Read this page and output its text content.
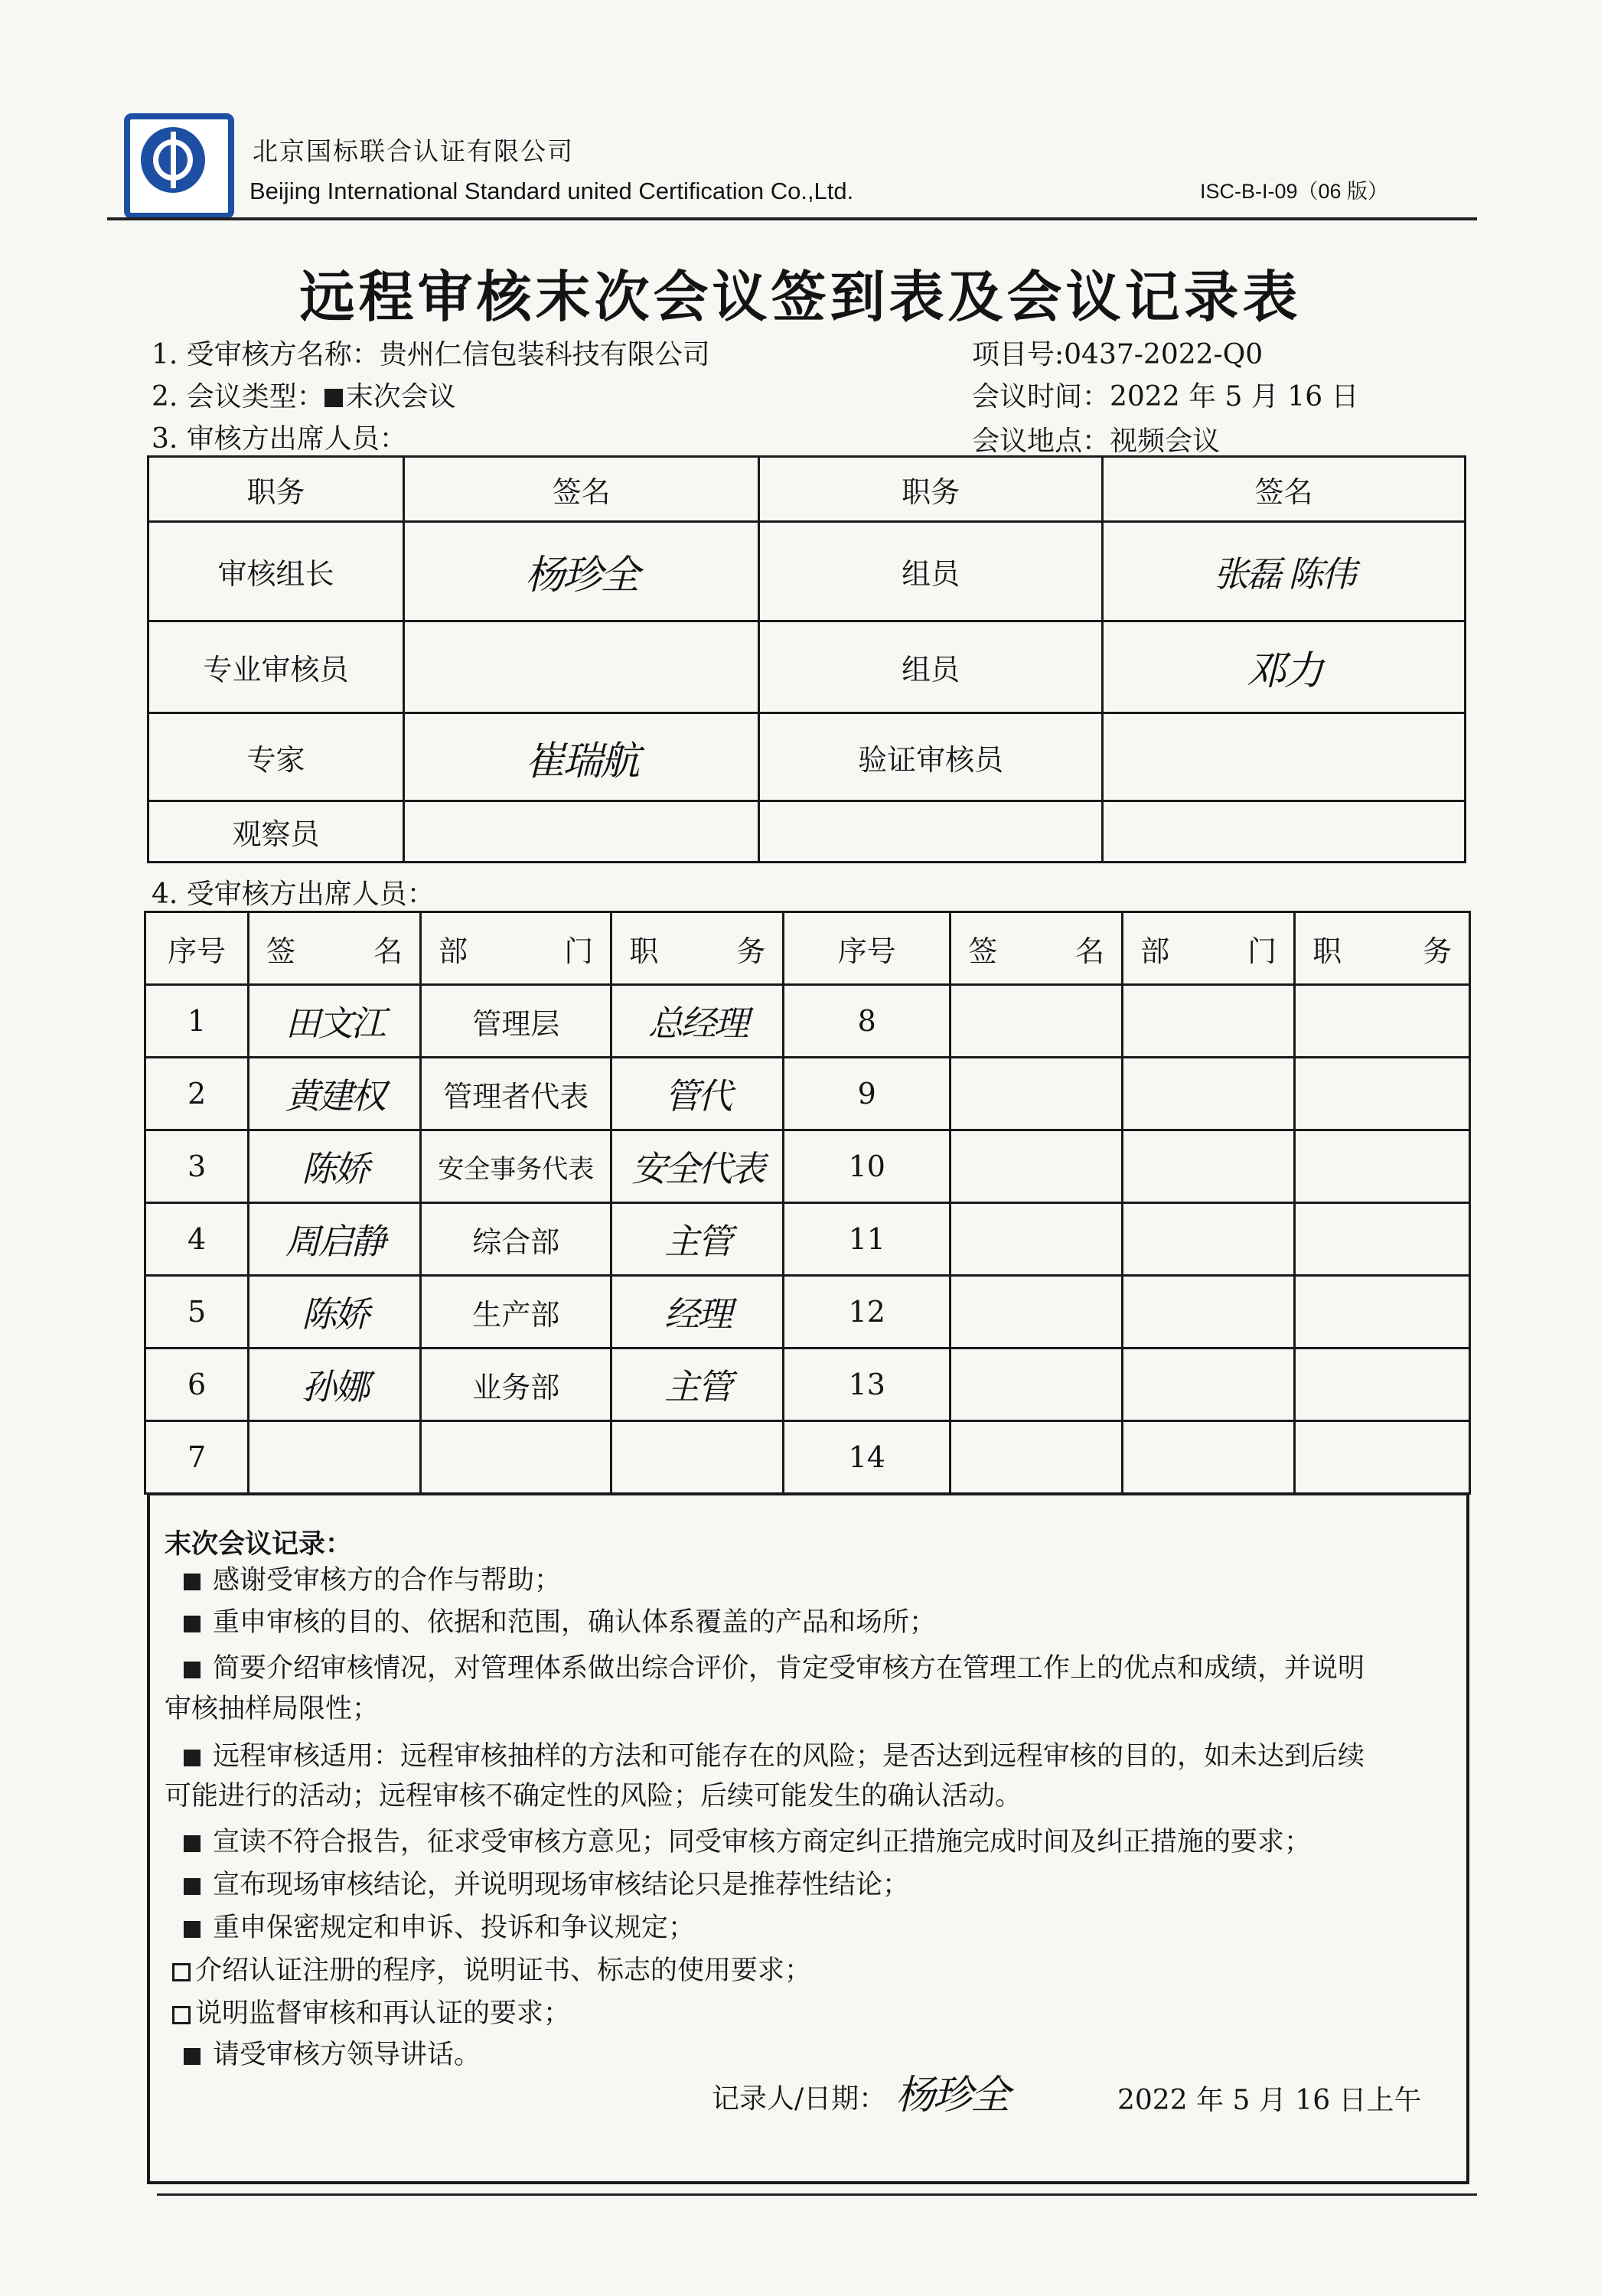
北京国标联合认证有限公司
Beijing International Standard united Certification Co.,Ltd.	ISC-B-I-09（06 版）
远程审核末次会议签到表及会议记录表
1. 受审核方名称：贵州仁信包装科技有限公司	项目号:0437-2022-Q0
2. 会议类型： 末次会议	会议时间：2022 年 5 月 16 日
3. 审核方出席人员：	会议地点：视频会议
职务	签名	职务	签名
审核组长	杨珍全	组员	张磊 陈伟
专业审核员		组员	邓力
专家	崔瑞航	验证审核员	
观察员			
4. 受审核方出席人员：
序号	签 名	部 门	职 务	序号	签 名	部 门	职 务

1	田文江	管理层	总经理	8			
2	黄建权	管理者代表	管代	9			
3	陈娇	安全事务代表	安全代表	10			
4	周启静	综合部	主管	11			
5	陈娇	生产部	经理	12			
6	孙娜	业务部	主管	13			
7				14			
末次会议记录：
感谢受审核方的合作与帮助；
重申审核的目的、依据和范围，确认体系覆盖的产品和场所；
简要介绍审核情况，对管理体系做出综合评价，肯定受审核方在管理工作上的优点和成绩，并说明
审核抽样局限性；
远程审核适用：远程审核抽样的方法和可能存在的风险；是否达到远程审核的目的，如未达到后续
可能进行的活动；远程审核不确定性的风险；后续可能发生的确认活动。
宣读不符合报告，征求受审核方意见；同受审核方商定纠正措施完成时间及纠正措施的要求；
宣布现场审核结论，并说明现场审核结论只是推荐性结论；
重申保密规定和申诉、投诉和争议规定；
介绍认证注册的程序，说明证书、标志的使用要求；
说明监督审核和再认证的要求；
请受审核方领导讲话。
记录人/日期： 杨珍全	2022 年 5 月 16 日上午
